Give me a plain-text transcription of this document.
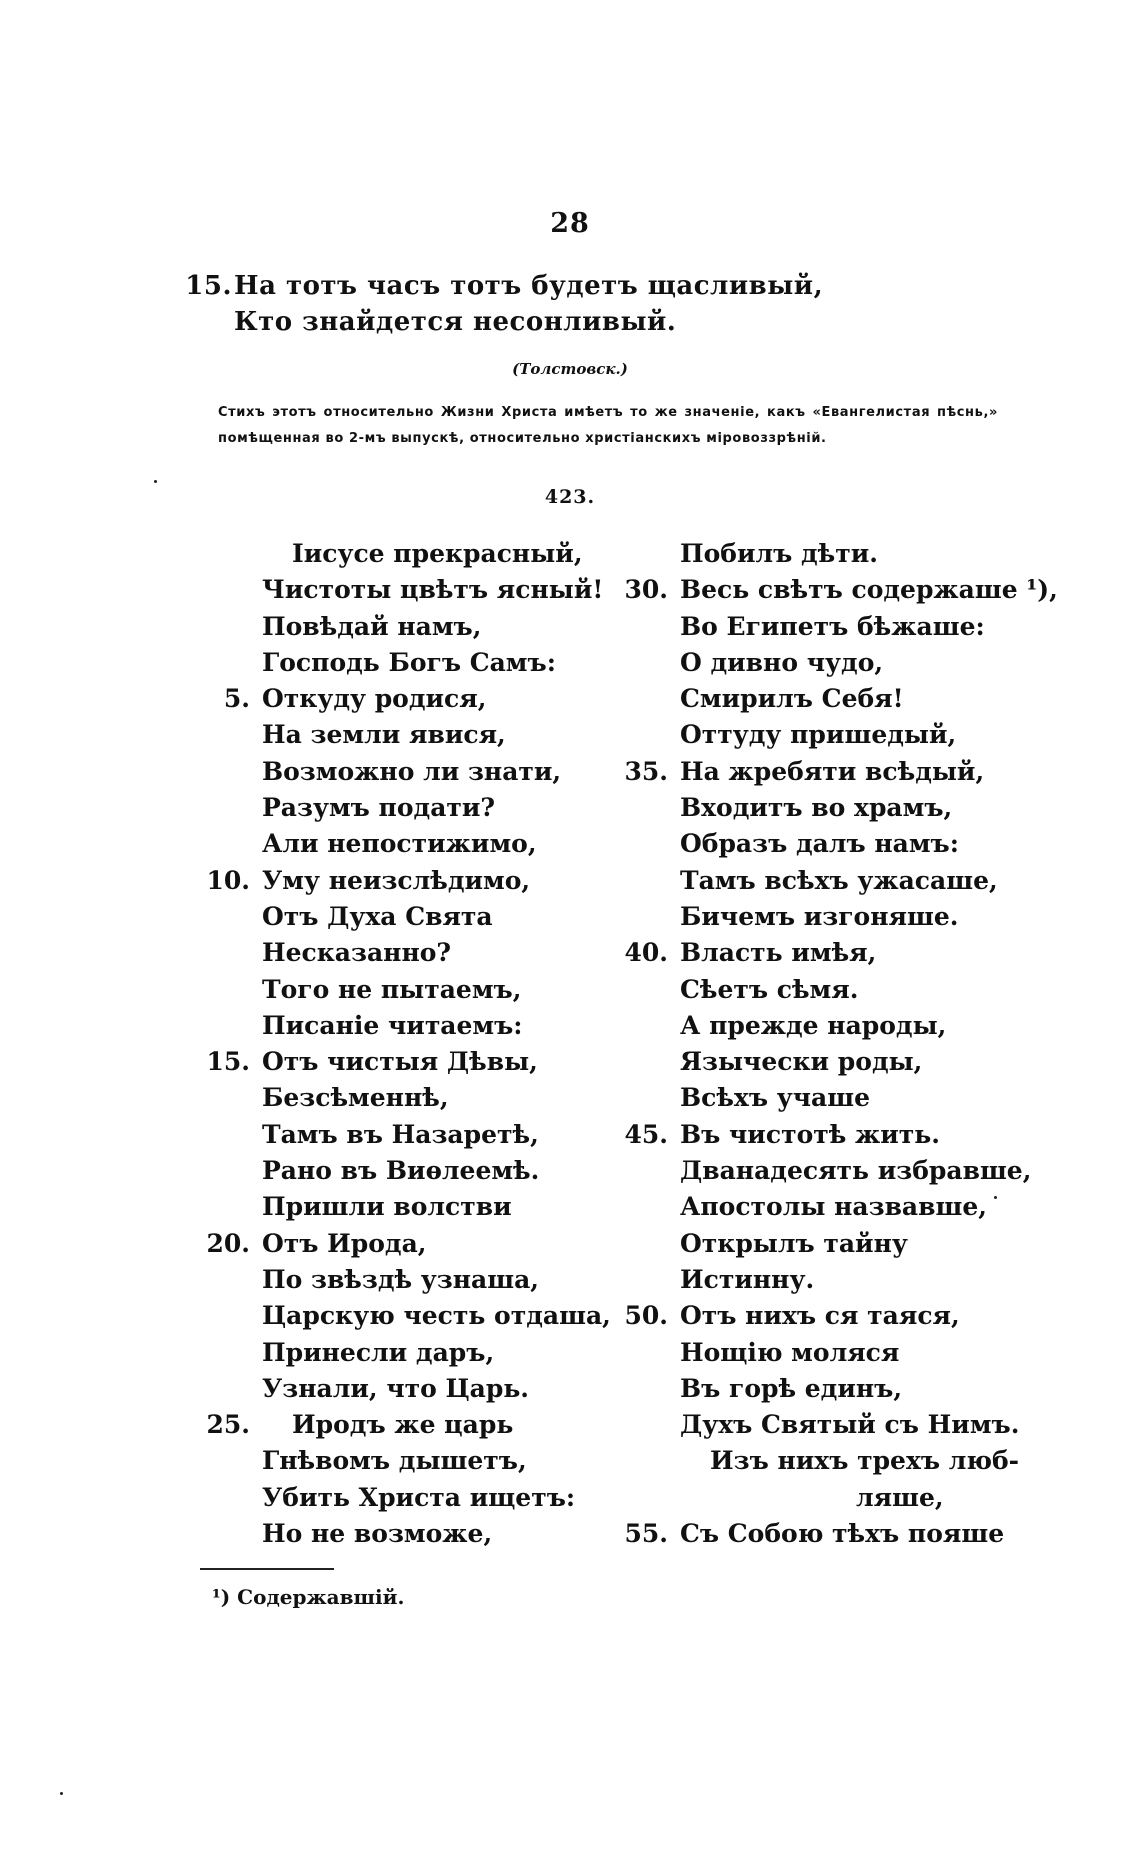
28
15. На тотъ часъ тотъ будетъ щасливый,
Кто знайдется несонливый.
(Толстовск.)
Стихъ этотъ относительно Жизни Христа имѣетъ то же значеніе, какъ «Евангелистая пѣснь,» помѣщенная во 2-мъ выпускѣ, относительно христіанскихъ міровоззрѣній.
423.
Іисусе прекрасный,
Чистоты цвѣтъ ясный!
Повѣдай намъ,
Господь Богъ Самъ:
5. Откуду родися,
На земли явися,
Возможно ли знати,
Разумъ подати?
Али непостижимо,
10. Уму неизслѣдимо,
Отъ Духа Свята
Несказанно?
Того не пытаемъ,
Писаніе читаемъ:
15. Отъ чистыя Дѣвы,
Безсѣменнѣ,
Тамъ въ Назаретѣ,
Рано въ Виѳлеемѣ.
Пришли волстви
20. Отъ Ирода,
По звѣздѣ узнаша,
Царскую честь отдаша,
Принесли даръ,
Узнали, что Царь.
25. Иродъ же царь
Гнѣвомъ дышетъ,
Убить Христа ищетъ:
Но не возможе,
Побилъ дѣти.
30. Весь свѣтъ содержаше ¹),
Во Египетъ бѣжаше:
О дивно чудо,
Смирилъ Себя!
Оттуду пришедый,
35. На жребяти всѣдый,
Входитъ во храмъ,
Образъ далъ намъ:
Тамъ всѣхъ ужасаше,
Бичемъ изгоняше.
40. Власть имѣя,
Сѣетъ сѣмя.
А прежде народы,
Язычески роды,
Всѣхъ учаше
45. Въ чистотѣ жить.
Дванадесять избравше,
Апостолы назвавше,
Открылъ тайну
Истинну.
50. Отъ нихъ ся таяся,
Нощію моляся
Въ горѣ единъ,
Духъ Святый съ Нимъ.
Изъ нихъ трехъ люб-
ляше,
55. Съ Собою тѣхъ пояше
¹) Содержавшій.
